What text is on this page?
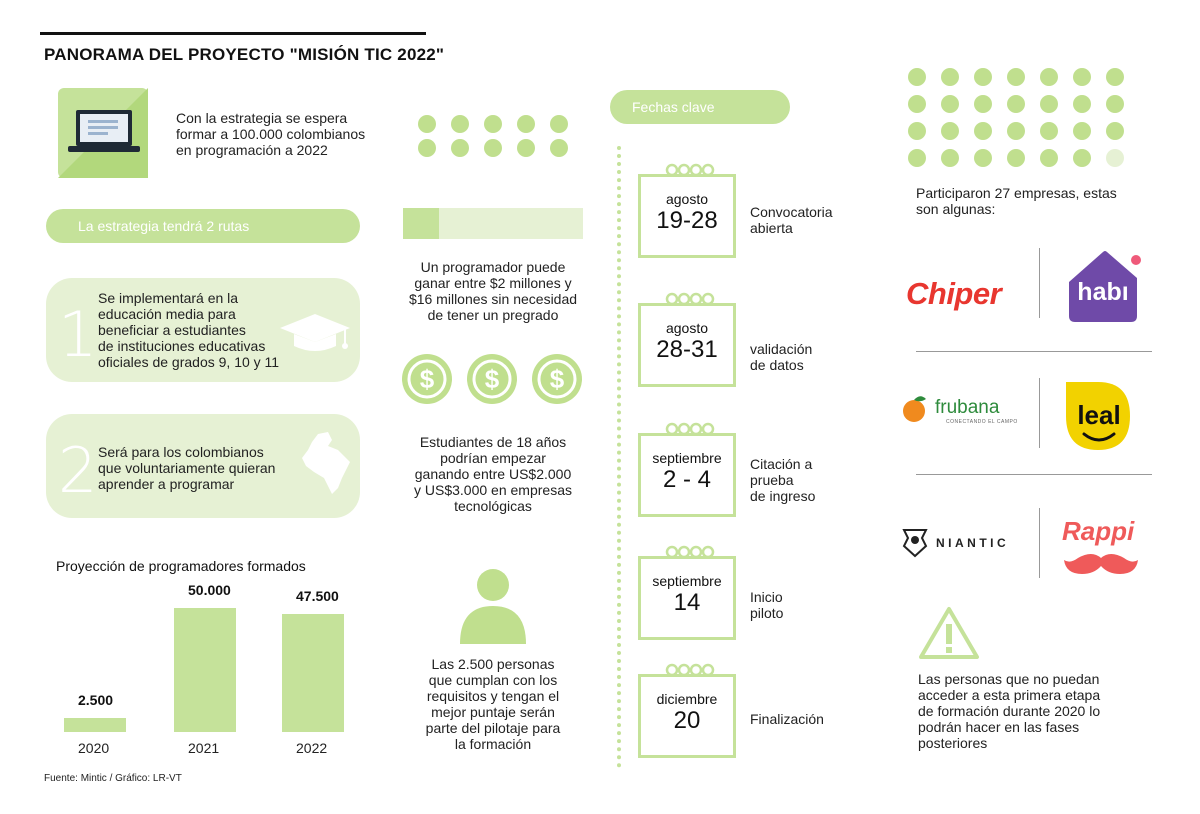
PANORAMA DEL PROYECTO "MISIÓN TIC 2022"
Con la estrategia se espera
formar a 100.000 colombianos
en programación a 2022
La estrategia tendrá 2 rutas
1 Se implementará en la
educación media para
beneficiar a estudiantes
de instituciones educativas
oficiales de grados 9, 10 y 11
2 Será para los colombianos
que voluntariamente quieran
aprender a programar
Proyección de programadores formados
2.500
50.000	47.500
2020	2021	2022
Un programador puede
ganar entre $2 millones y
$16 millones sin necesidad
de tener un pregrado
$ $ $
Estudiantes de 18 años
podrían empezar
ganando entre US$2.000
y US$3.000 en empresas
tecnológicas
Las 2.500 personas
que cumplan con los
requisitos y tengan el
mejor puntaje serán
parte del pilotaje para
la formación
Fechas clave
agosto
19-28	Convocatoria
abierta
agosto
28-31	validación
de datos
septiembre
2 - 4
Citación a
prueba
de ingreso
septiembre
14	Inicio
piloto
diciembre
20	Finalización
Participaron 27 empresas, estas
son algunas:
Chiper	habı
frubana
CONECTANDO EL CAMPO	leal
NIANTIC Rappi
Las personas que no puedan
acceder a esta primera etapa
de formación durante 2020 lo
podrán hacer en las fases
posteriores
Fuente: Mintic / Gráfico: LR-VT
